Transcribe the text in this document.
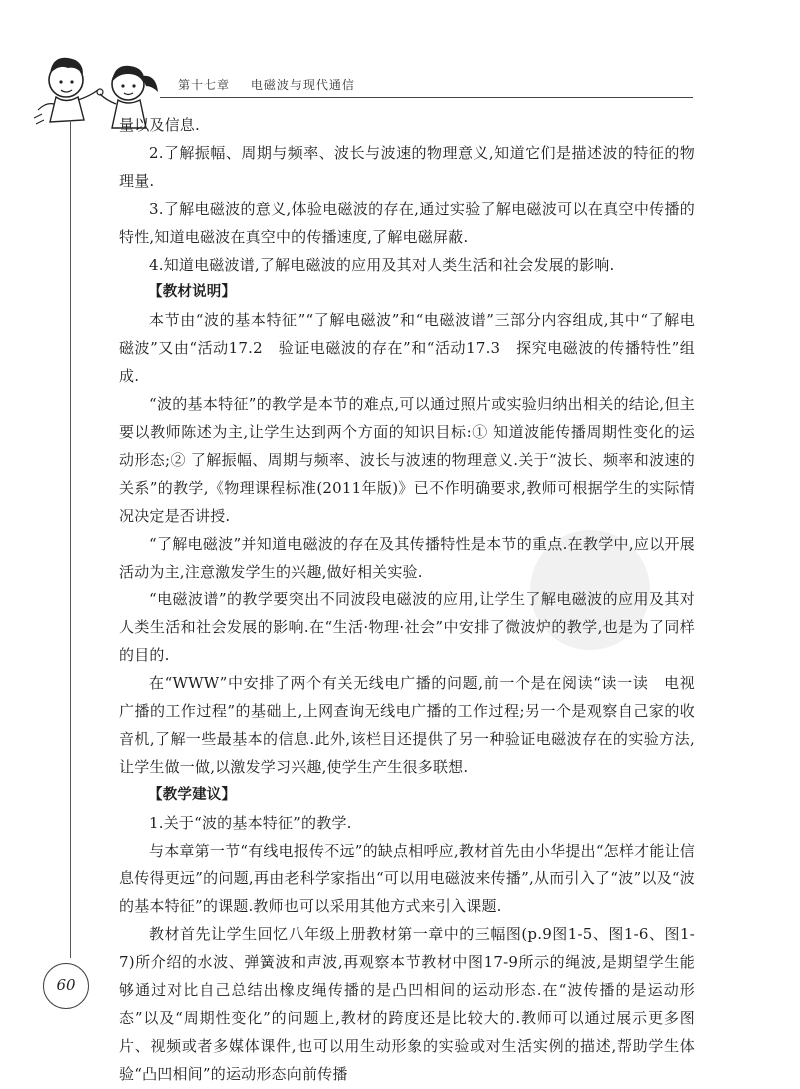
第十七章 电磁波与现代通信

量以及信息.

2.了解振幅、周期与频率、波长与波速的物理意义,知道它们是描述波的特征的物理量.

3.了解电磁波的意义,体验电磁波的存在,通过实验了解电磁波可以在真空中传播的特性,知道电磁波在真空中的传播速度,了解电磁屏蔽.

4.知道电磁波谱,了解电磁波的应用及其对人类生活和社会发展的影响.

【教材说明】

本节由“波的基本特征”“了解电磁波”和“电磁波谱”三部分内容组成,其中“了解电磁波”又由“活动17.2　验证电磁波的存在”和“活动17.3　探究电磁波的传播特性”组成.

“波的基本特征”的教学是本节的难点,可以通过照片或实验归纳出相关的结论,但主要以教师陈述为主,让学生达到两个方面的知识目标:① 知道波能传播周期性变化的运动形态;② 了解振幅、周期与频率、波长与波速的物理意义.关于“波长、频率和波速的关系”的教学,《物理课程标准(2011年版)》已不作明确要求,教师可根据学生的实际情况决定是否讲授.

“了解电磁波”并知道电磁波的存在及其传播特性是本节的重点.在教学中,应以开展活动为主,注意激发学生的兴趣,做好相关实验.

“电磁波谱”的教学要突出不同波段电磁波的应用,让学生了解电磁波的应用及其对人类生活和社会发展的影响.在“生活·物理·社会”中安排了微波炉的教学,也是为了同样的目的.

在“WWW”中安排了两个有关无线电广播的问题,前一个是在阅读“读一读　电视广播的工作过程”的基础上,上网查询无线电广播的工作过程;另一个是观察自己家的收音机,了解一些最基本的信息.此外,该栏目还提供了另一种验证电磁波存在的实验方法,让学生做一做,以激发学习兴趣,使学生产生很多联想.

【教学建议】

1.关于“波的基本特征”的教学.

与本章第一节“有线电报传不远”的缺点相呼应,教材首先由小华提出“怎样才能让信息传得更远”的问题,再由老科学家指出“可以用电磁波来传播”,从而引入了“波”以及“波的基本特征”的课题.教师也可以采用其他方式来引入课题.

教材首先让学生回忆八年级上册教材第一章中的三幅图(p.9图1-5、图1-6、图1-7)所介绍的水波、弹簧波和声波,再观察本节教材中图17-9所示的绳波,是期望学生能够通过对比自己总结出橡皮绳传播的是凸凹相间的运动形态.在“波传播的是运动形态”以及“周期性变化”的问题上,教材的跨度还是比较大的.教师可以通过展示更多图片、视频或者多媒体课件,也可以用生动形象的实验或对生活实例的描述,帮助学生体验“凸凹相间”的运动形态向前传播

60
